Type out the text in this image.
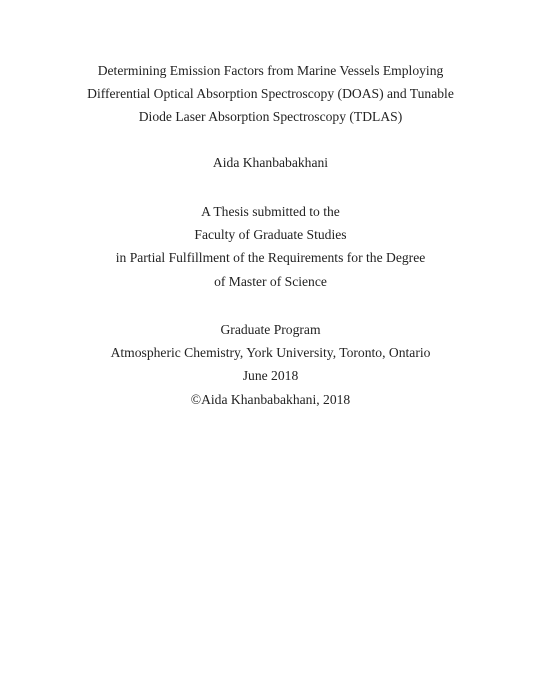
Determining Emission Factors from Marine Vessels Employing
Differential Optical Absorption Spectroscopy (DOAS) and Tunable
Diode Laser Absorption Spectroscopy (TDLAS)
Aida Khanbabakhani
A Thesis submitted to the
Faculty of Graduate Studies
in Partial Fulfillment of the Requirements for the Degree
of Master of Science
Graduate Program
Atmospheric Chemistry, York University, Toronto, Ontario
June 2018
©Aida Khanbabakhani, 2018
